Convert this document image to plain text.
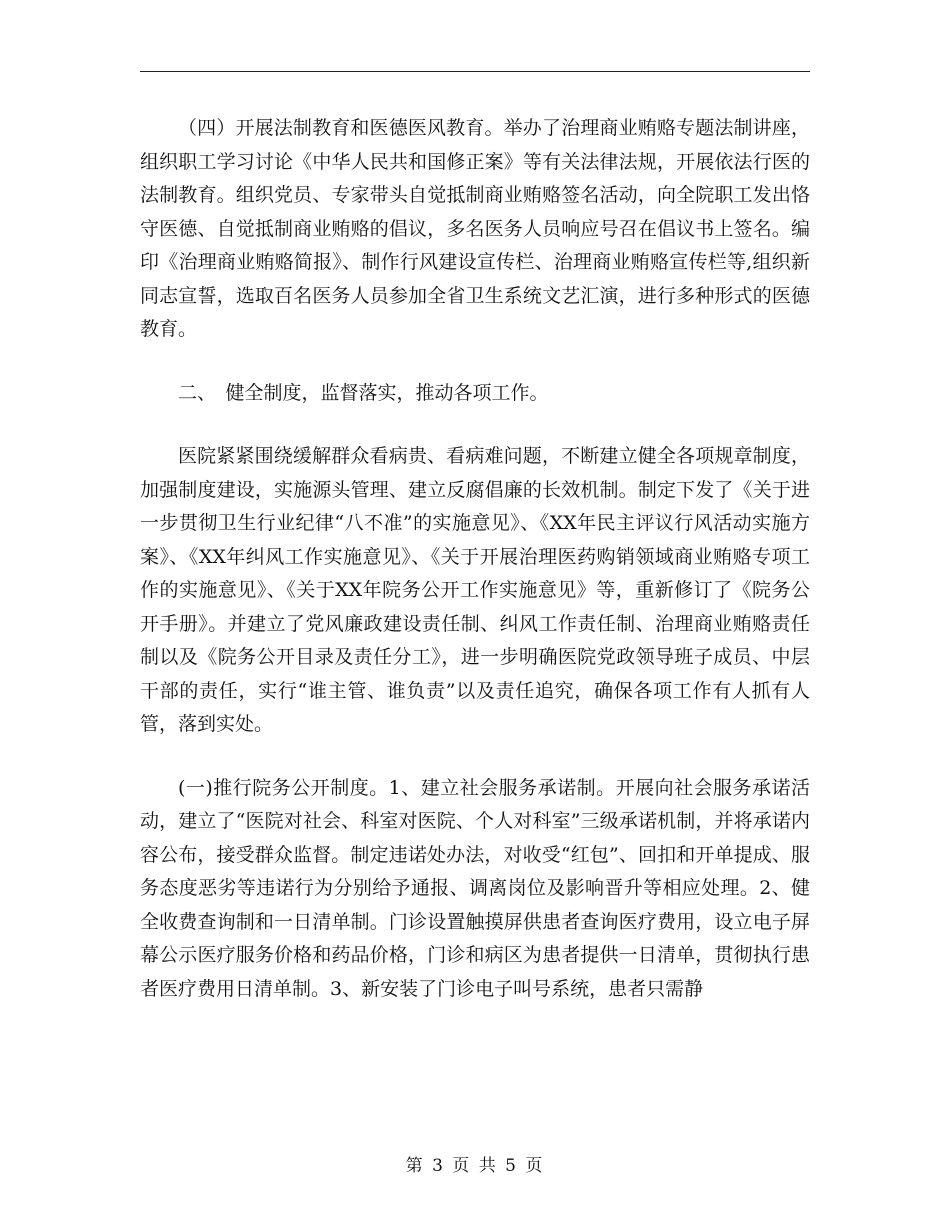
（四）开展法制教育和医德医风教育。举办了治理商业贿赂专题法制讲座，组织职工学习讨论《中华人民共和国修正案》等有关法律法规，开展依法行医的法制教育。组织党员、专家带头自觉抵制商业贿赂签名活动，向全院职工发出恪守医德、自觉抵制商业贿赂的倡议，多名医务人员响应号召在倡议书上签名。编印《治理商业贿赂简报》、制作行风建设宣传栏、治理商业贿赂宣传栏等,组织新同志宣誓，选取百名医务人员参加全省卫生系统文艺汇演，进行多种形式的医德教育。

二、　健全制度，监督落实，推动各项工作。

医院紧紧围绕缓解群众看病贵、看病难问题，不断建立健全各项规章制度，加强制度建设，实施源头管理、建立反腐倡廉的长效机制。制定下发了《关于进一步贯彻卫生行业纪律“八不准”的实施意见》、《XX年民主评议行风活动实施方案》、《XX年纠风工作实施意见》、《关于开展治理医药购销领域商业贿赂专项工作的实施意见》、《关于XX年院务公开工作实施意见》等，重新修订了《院务公开手册》。并建立了党风廉政建设责任制、纠风工作责任制、治理商业贿赂责任制以及《院务公开目录及责任分工》，进一步明确医院党政领导班子成员、中层干部的责任，实行“谁主管、谁负责”以及责任追究，确保各项工作有人抓有人管，落到实处。

(一)推行院务公开制度。1、建立社会服务承诺制。开展向社会服务承诺活动，建立了“医院对社会、科室对医院、个人对科室”三级承诺机制，并将承诺内容公布，接受群众监督。制定违诺处办法，对收受“红包”、回扣和开单提成、服务态度恶劣等违诺行为分别给予通报、调离岗位及影响晋升等相应处理。2、健全收费查询制和一日清单制。门诊设置触摸屏供患者查询医疗费用，设立电子屏幕公示医疗服务价格和药品价格，门诊和病区为患者提供一日清单，贯彻执行患者医疗费用日清单制。3、新安装了门诊电子叫号系统，患者只需静

第 3 页 共 5 页
